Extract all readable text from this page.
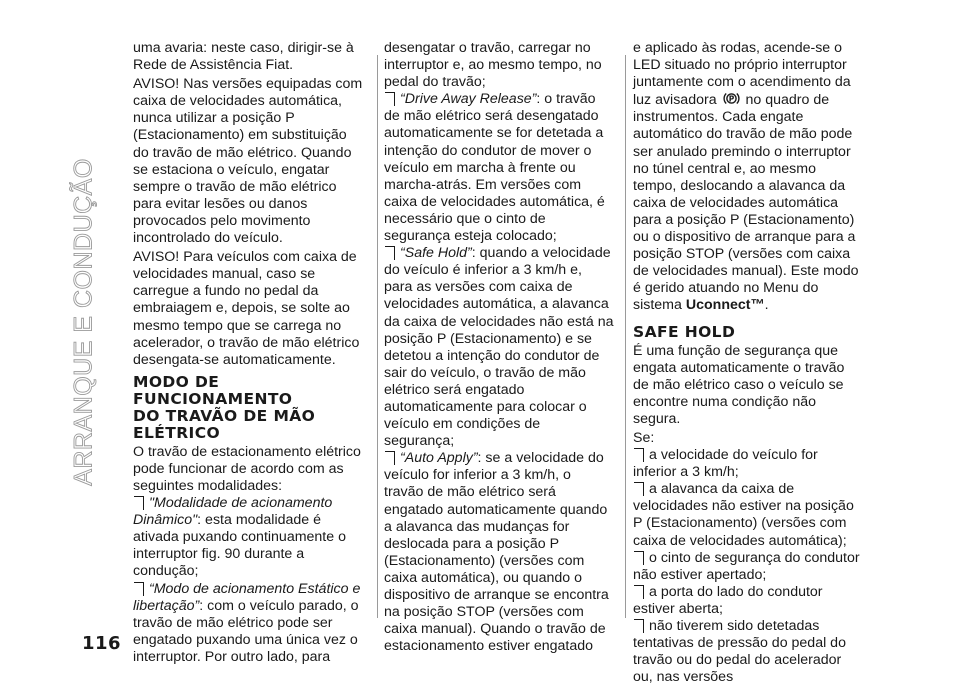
ARRANQUE E CONDUÇÃO
116

uma avaria: neste caso, dirigir-se à Rede de Assistência Fiat.

AVISO! Nas versões equipadas com caixa de velocidades automática, nunca utilizar a posição P (Estacionamento) em substituição do travão de mão elétrico. Quando se estaciona o veículo, engatar sempre o travão de mão elétrico para evitar lesões ou danos provocados pelo movimento incontrolado do veículo.

AVISO! Para veículos com caixa de velocidades manual, caso se carregue a fundo no pedal da embraiagem e, depois, se solte ao mesmo tempo que se carrega no acelerador, o travão de mão elétrico desengata-se automaticamente.

MODO DE
FUNCIONAMENTO
DO TRAVÃO DE MÃO
ELÉTRICO

O travão de estacionamento elétrico pode funcionar de acordo com as seguintes modalidades:

"Modalidade de acionamento Dinâmico": esta modalidade é ativada puxando continuamente o interruptor fig. 90 durante a condução;

“Modo de acionamento Estático e libertação”: com o veículo parado, o travão de mão elétrico pode ser engatado puxando uma única vez o interruptor. Por outro lado, para

desengatar o travão, carregar no interruptor e, ao mesmo tempo, no pedal do travão;

“Drive Away Release”: o travão de mão elétrico será desengatado automaticamente se for detetada a intenção do condutor de mover o veículo em marcha à frente ou marcha-atrás. Em versões com caixa de velocidades automática, é necessário que o cinto de segurança esteja colocado;

“Safe Hold”: quando a velocidade do veículo é inferior a 3 km/h e, para as versões com caixa de velocidades automática, a alavanca da caixa de velocidades não está na posição P (Estacionamento) e se detetou a intenção do condutor de sair do veículo, o travão de mão elétrico será engatado automaticamente para colocar o veículo em condições de segurança;

“Auto Apply”: se a velocidade do veículo for inferior a 3 km/h, o travão de mão elétrico será engatado automaticamente quando a alavanca das mudanças for deslocada para a posição P (Estacionamento) (versões com caixa automática), ou quando o dispositivo de arranque se encontra na posição STOP (versões com caixa manual). Quando o travão de estacionamento estiver engatado

e aplicado às rodas, acende-se o LED situado no próprio interruptor juntamente com o acendimento da luz avisadora P no quadro de instrumentos. Cada engate automático do travão de mão pode ser anulado premindo o interruptor no túnel central e, ao mesmo tempo, deslocando a alavanca da caixa de velocidades automática para a posição P (Estacionamento) ou o dispositivo de arranque para a posição STOP (versões com caixa de velocidades manual). Este modo é gerido atuando no Menu do sistema Uconnect™.

SAFE HOLD

É uma função de segurança que engata automaticamente o travão de mão elétrico caso o veículo se encontre numa condição não segura.

Se:

a velocidade do veículo for inferior a 3 km/h;

a alavanca da caixa de velocidades não estiver na posição P (Estacionamento) (versões com caixa de velocidades automática);

o cinto de segurança do condutor não estiver apertado;

a porta do lado do condutor estiver aberta;

não tiverem sido detetadas tentativas de pressão do pedal do travão ou do pedal do acelerador ou, nas versões
